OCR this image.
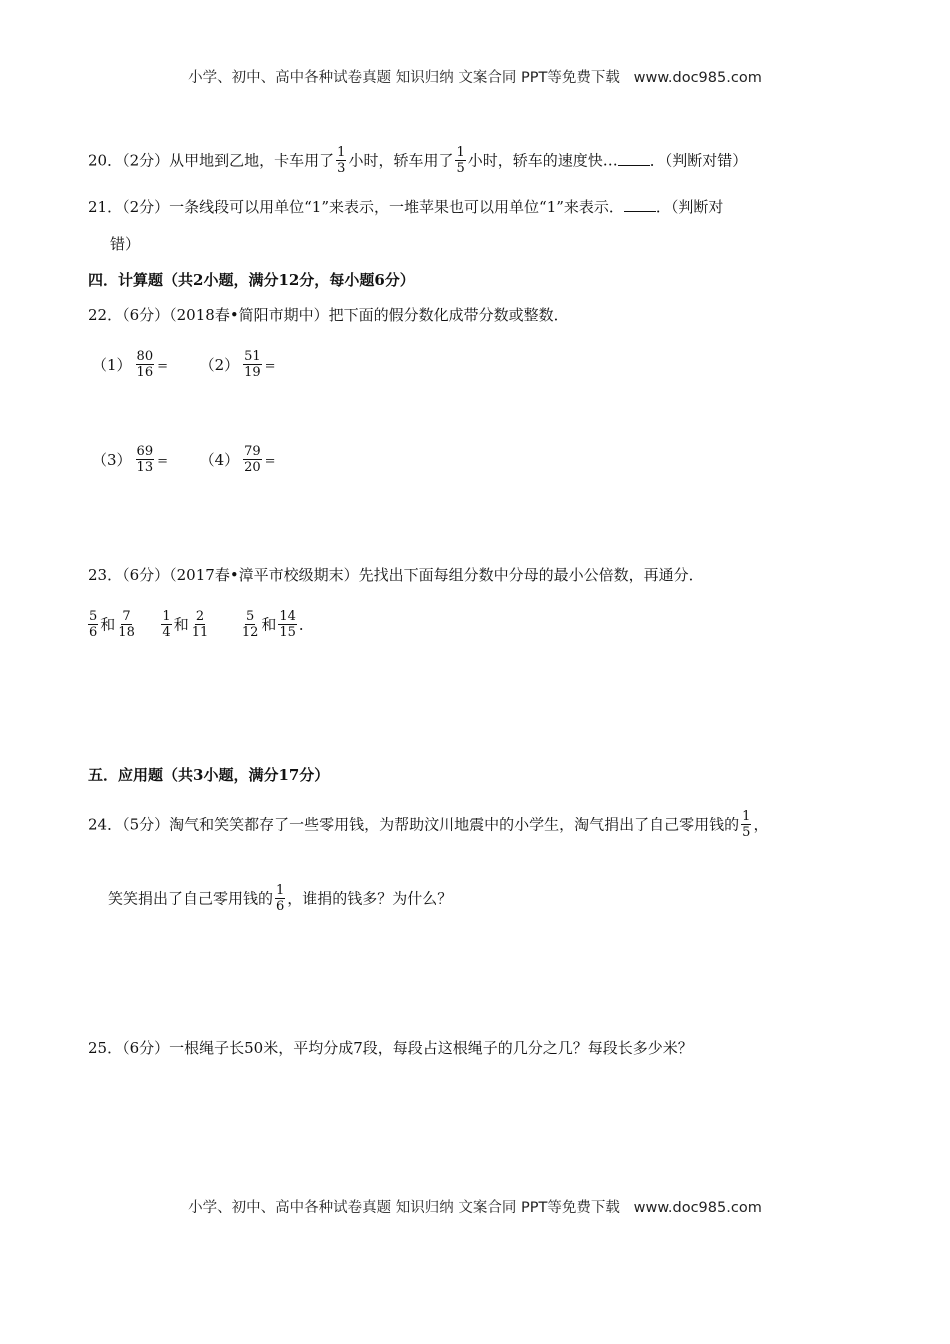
小学、初中、高中各种试卷真题 知识归纳 文案合同 PPT等免费下载 www.doc985.com
20．（2分）从甲地到乙地，卡车用了 $\frac{1}{3}$ 小时，轿车用了 $\frac{1}{5}$ 小时，轿车的速度快… ．（判断对错）
21．（2分）一条线段可以用单位“1”来表示，一堆苹果也可以用单位“1”来表示． ．（判断对
错）
四．计算题（共2小题，满分12分，每小题6分）
22．（6分）（2018春•简阳市期中）把下面的假分数化成带分数或整数．
$(1) \frac{80}{16} = (2) \frac{51}{19}$ =
$(3) \frac{69}{13} = (4) \frac{79}{20}$ =
23．（6分）（2017春•漳平市校级期末）先找出下面每组分数中分母的最小公倍数，再通分．
$\frac{5}{6}$ 和 $\frac{7}{18}$
$\frac{1}{4}$ 和 $\frac{2}{11}$
$\frac{5}{12}$ 和 $\frac{14}{15}$ ．
五．应用题（共3小题，满分17分）
24．（5分）淘气和笑笑都存了一些零用钱，为帮助汶川地震中的小学生，淘气捐出了自己零用钱的 $\frac{1}{5}$ ，
笑笑捐出了自己零用钱的 $\frac{1}{6}$ ，谁捐的钱多？为什么？
25．（6分）一根绳子长50米，平均分成7段，每段占这根绳子的几分之几？每段长多少米？
小学、初中、高中各种试卷真题 知识归纳 文案合同 PPT等免费下载 www.doc985.com
